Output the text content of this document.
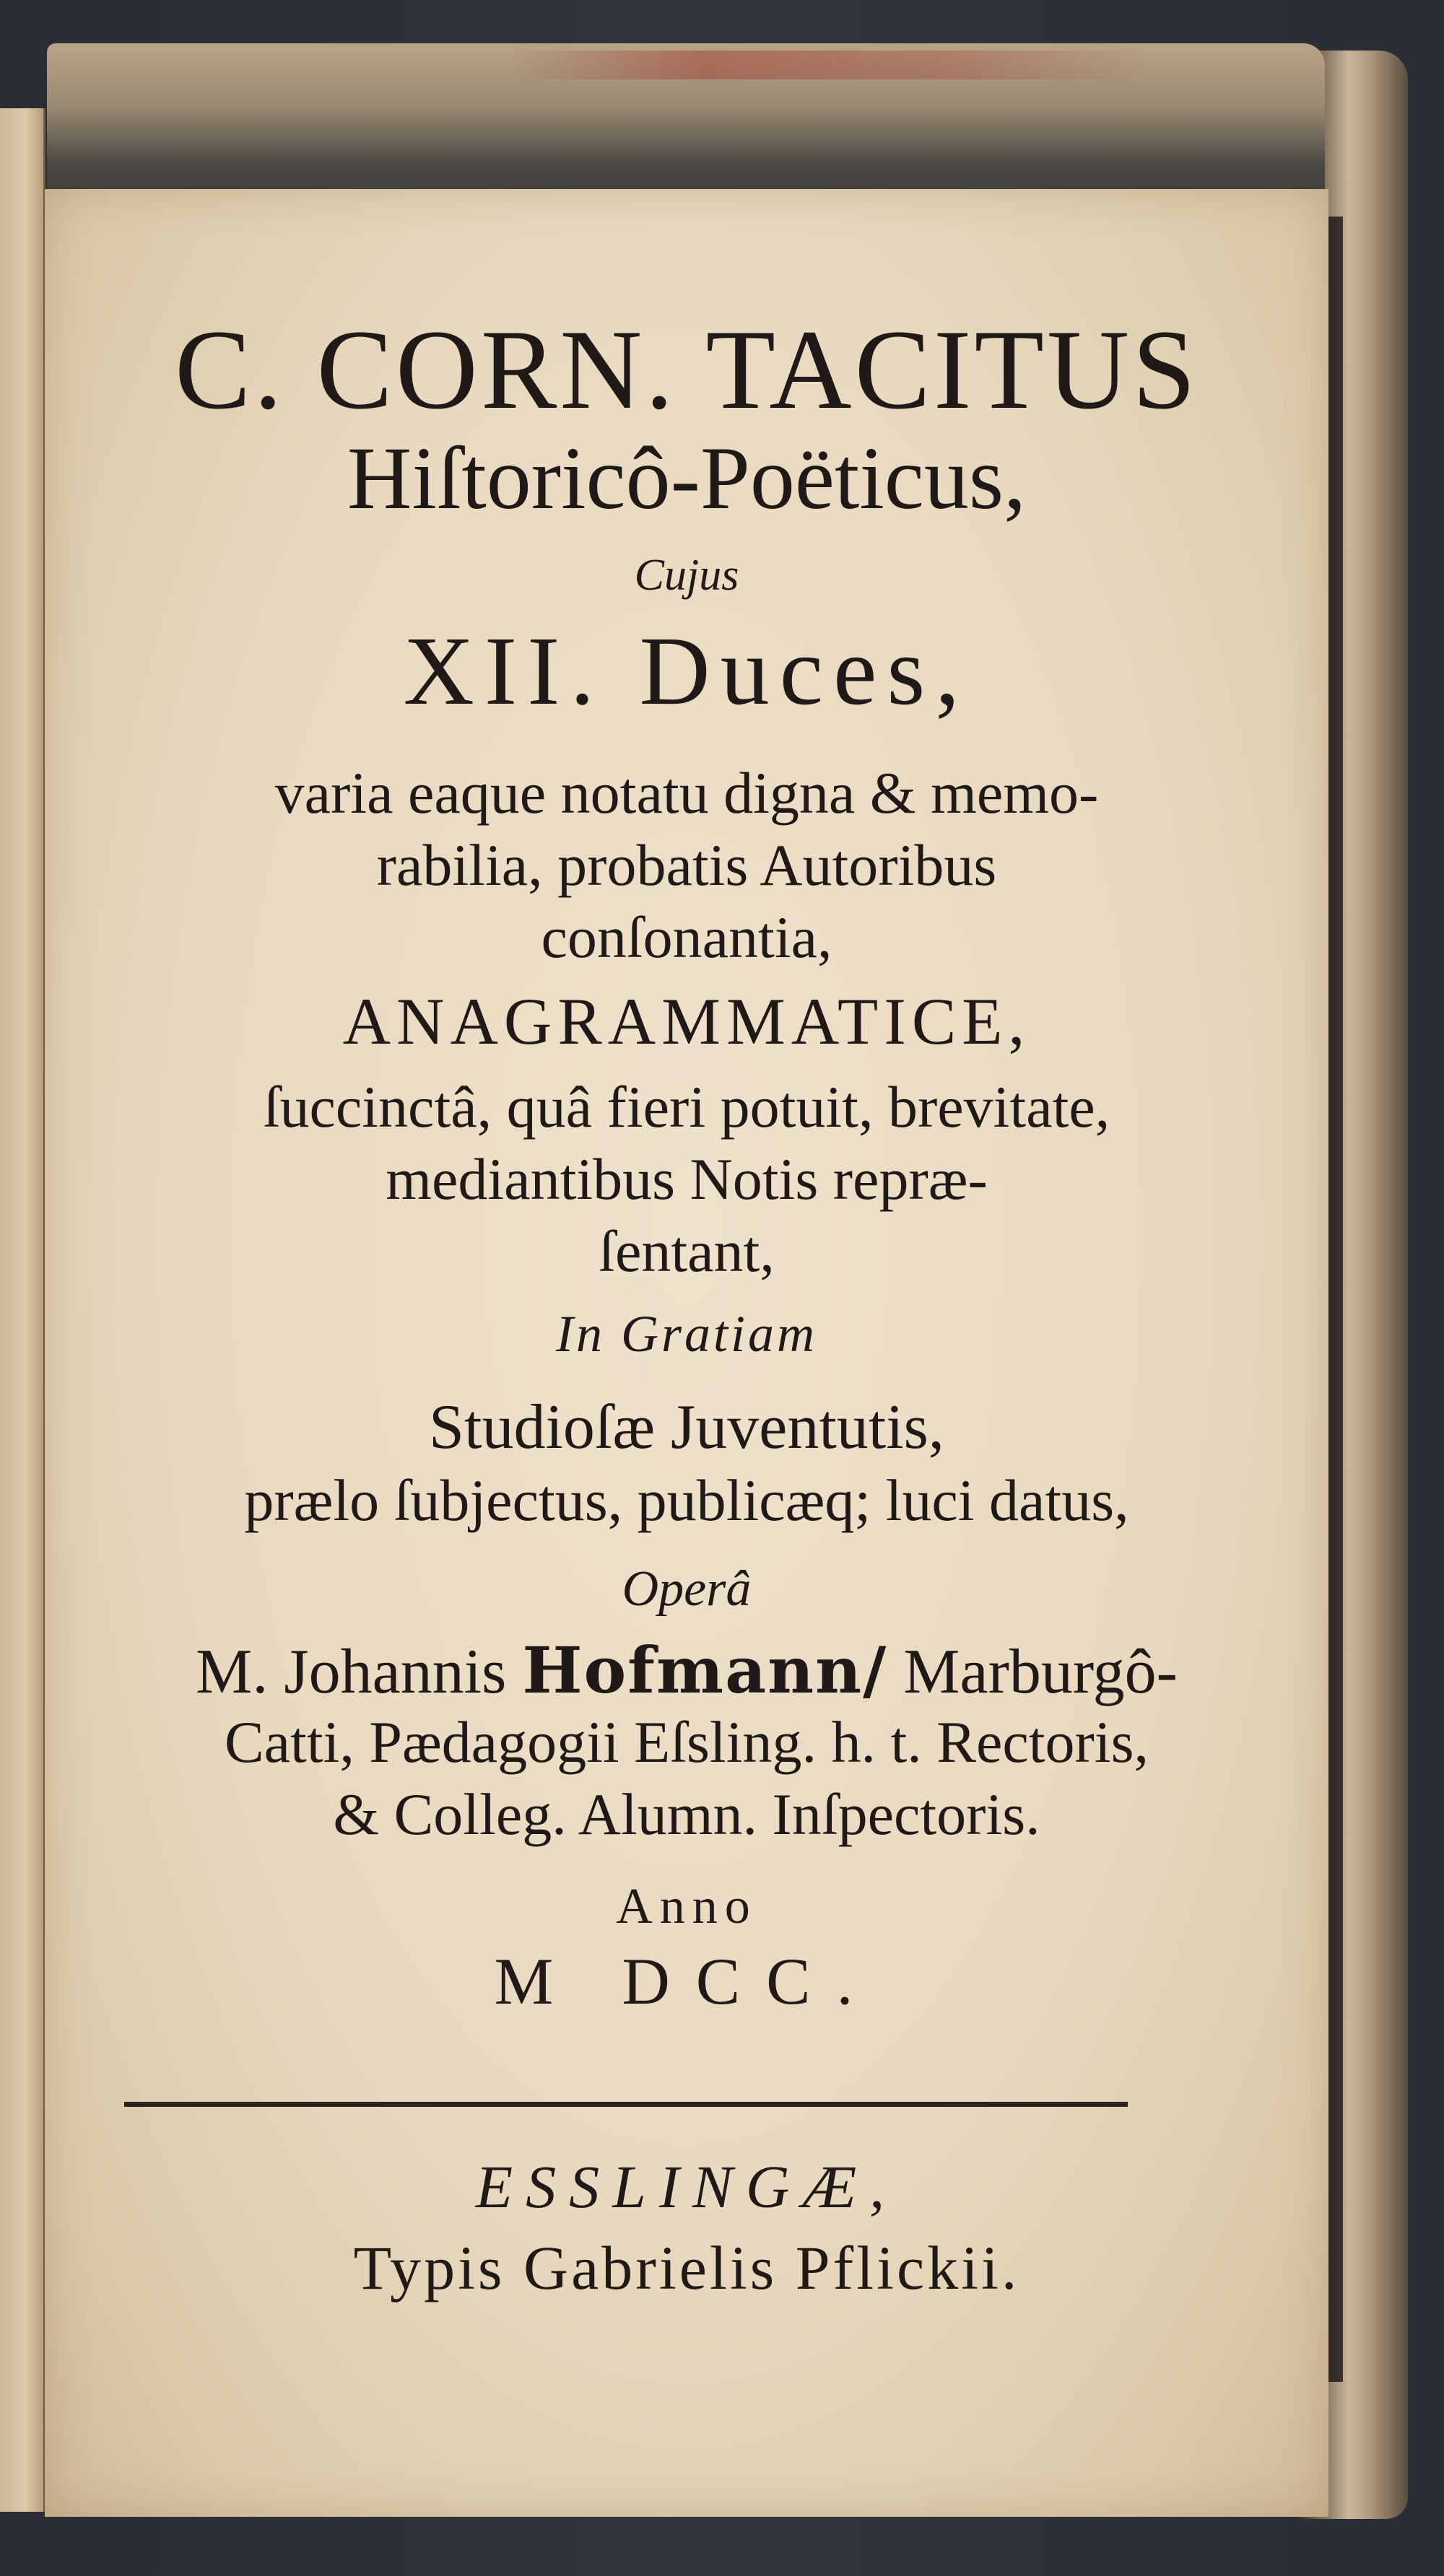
C. CORN. TACITUS
Hiſtoricô-Poëticus,
Cujus
XII. Duces,
varia eaque notatu digna & memo-
rabilia, probatis Autoribus
conſonantia,
ANAGRAMMATICE,
ſuccinctâ, quâ fieri potuit, brevitate,
mediantibus Notis repræ-
ſentant,
In Gratiam
Studioſæ Juventutis,
prælo ſubjectus, publicæq; luci datus,
Operâ
M. Johannis Hofmann/ Marburgô-
Catti, Pædagogii Eſsling. h. t. Rectoris,
& Colleg. Alumn. Inſpectoris.
Anno
M DCC.
ESSLINGÆ,
Typis Gabrielis Pflickii.
